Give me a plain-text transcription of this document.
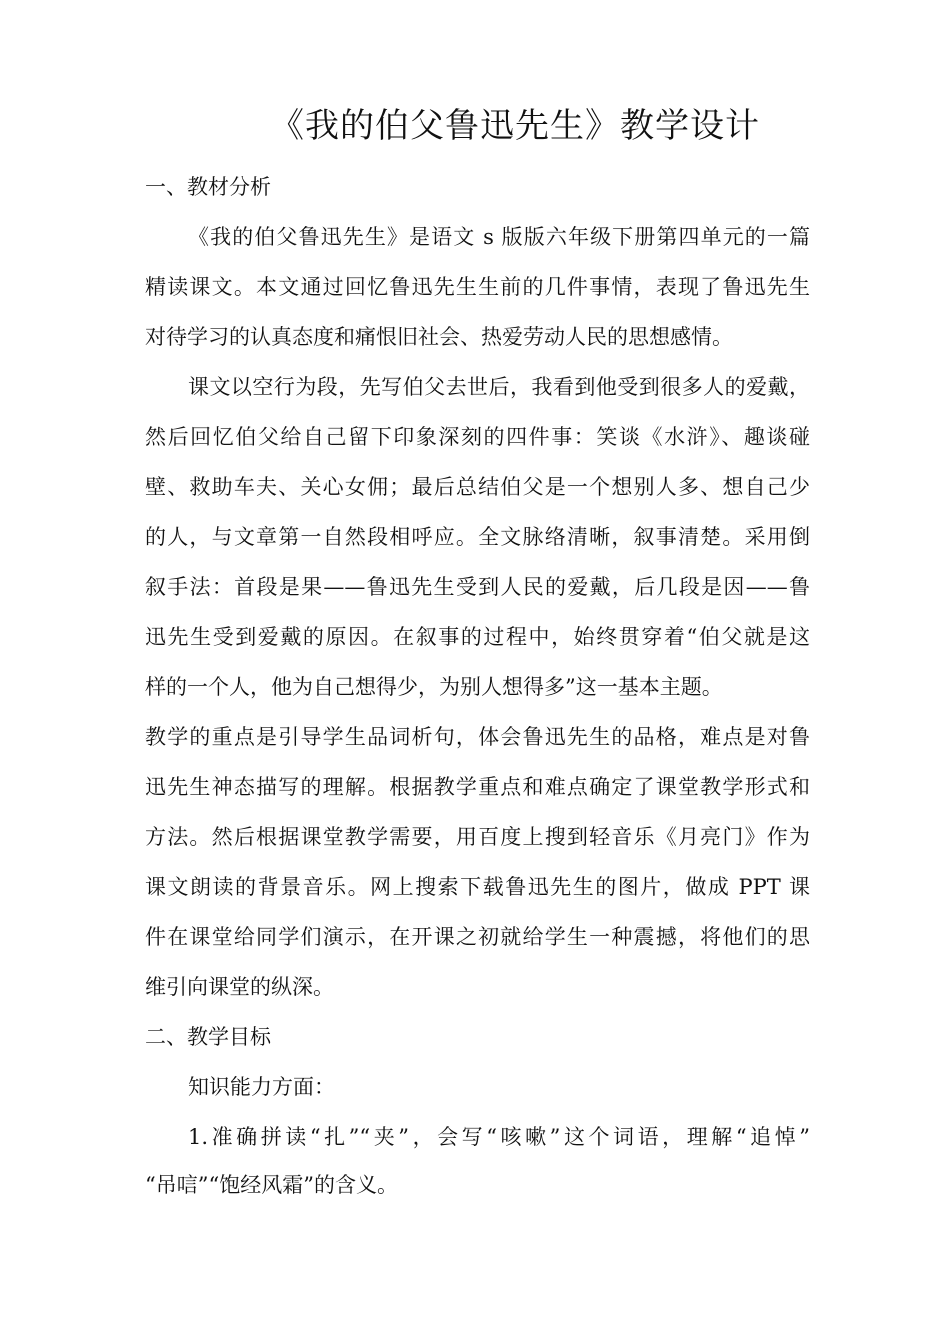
《我的伯父鲁迅先生》教学设计
一、教材分析
《我的伯父鲁迅先生》是语文 s 版版六年级下册第四单元的一篇
精读课文。本文通过回忆鲁迅先生生前的几件事情，表现了鲁迅先生
对待学习的认真态度和痛恨旧社会、热爱劳动人民的思想感情。
课文以空行为段，先写伯父去世后，我看到他受到很多人的爱戴，
然后回忆伯父给自己留下印象深刻的四件事：笑谈《水浒》、趣谈碰
壁、救助车夫、关心女佣；最后总结伯父是一个想别人多、想自己少
的人，与文章第一自然段相呼应。全文脉络清晰，叙事清楚。采用倒
叙手法：首段是果——鲁迅先生受到人民的爱戴，后几段是因——鲁
迅先生受到爱戴的原因。在叙事的过程中，始终贯穿着“伯父就是这
样的一个人，他为自己想得少，为别人想得多”这一基本主题。
教学的重点是引导学生品词析句，体会鲁迅先生的品格，难点是对鲁
迅先生神态描写的理解。根据教学重点和难点确定了课堂教学形式和
方法。然后根据课堂教学需要，用百度上搜到轻音乐《月亮门》作为
课文朗读的背景音乐。网上搜索下载鲁迅先生的图片，做成 PPT 课
件在课堂给同学们演示，在开课之初就给学生一种震撼，将他们的思
维引向课堂的纵深。
二、教学目标
知识能力方面：
1.准确拼读“扎”“夹”，会写“咳嗽”这个词语，理解“追悼”
“吊唁”“饱经风霜”的含义。
